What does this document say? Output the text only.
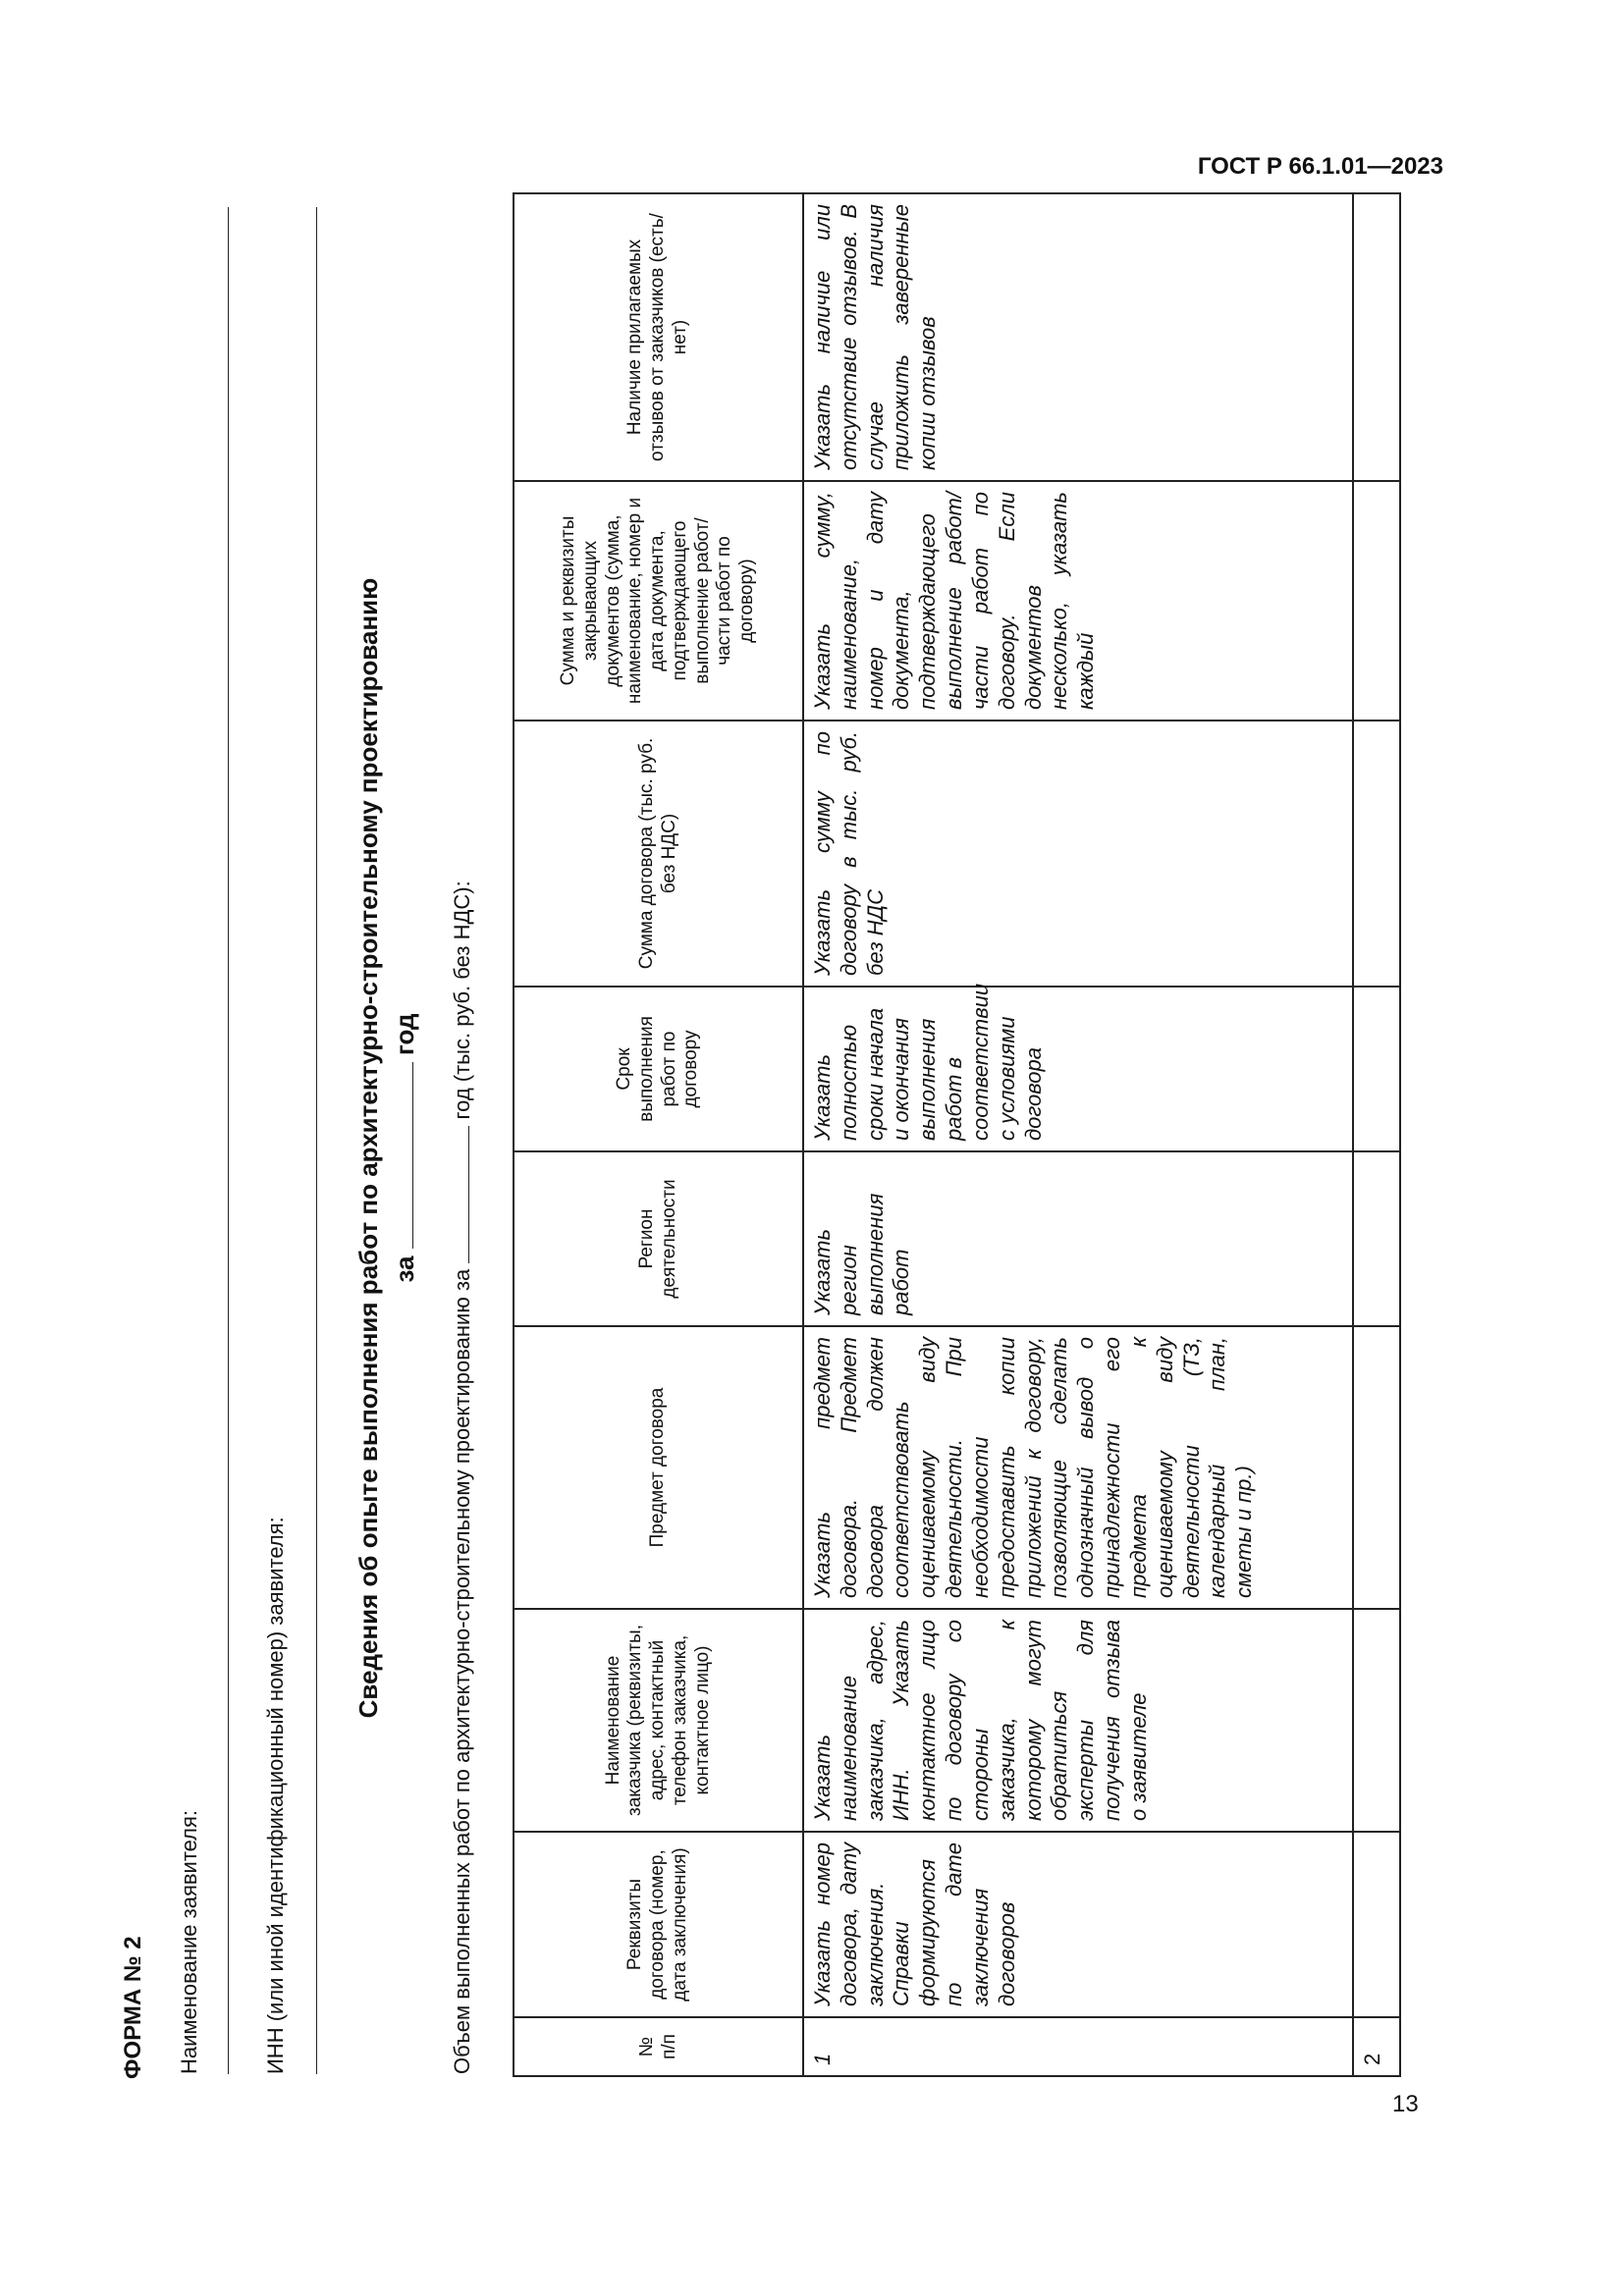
ГОСТ Р 66.1.01—2023
13
ФОРМА № 2 Наименование заявителя:	ИНН (или иной идентификационный номер) заявителя:
Сведения об опыте выполнения работ по архитектурно-строительному проектированию за  год
Объем выполненных работ по архитектурно-строительному проектированию за  год (тыс. руб. без НДС):
№ п/п	Реквизиты договора (номер, дата заключения)	Наименование заказчика (реквизиты, адрес, контактный телефон заказчика, контактное лицо)	Предмет договора	Регион деятельности	Срок выполнения работ по договору	Сумма договора (тыс. руб. без НДС)	Сумма и реквизиты закрывающих документов (сумма, наименование, номер и дата документа, подтверждающего выполнение работ/ части работ по договору)	Наличие прилагаемых отзывов от заказчиков (есть/нет)
1	Указать номер договора, дату заключения. Справки формируются по дате заключения договоров	Указать наименование заказчика, адрес, ИНН. Указать контактное лицо по договору со стороны заказчика, к которому могут обратиться эксперты для получения отзыва о заявителе	Указать предмет договора. Предмет договора должен соответствовать оцениваемому виду деятельности. При необходимости предоставить копии приложений к договору, позволяющие сделать однозначный вывод о принадлежности его предмета к оцениваемому виду деятельности (ТЗ, календарный план, сметы и пр.)	Указать регион выполнения работ	Указать полностью сроки начала и окончания выполнения работ в соответствии с условиями договора	Указать сумму по договору в тыс. руб. без НДС	Указать сумму, наименование, номер и дату документа, подтверждающего выполнение работ/части работ по договору. Если документов несколько, указать каждый	Указать наличие или отсутствие отзывов. В случае наличия приложить заверенные копии отзывов
2								
